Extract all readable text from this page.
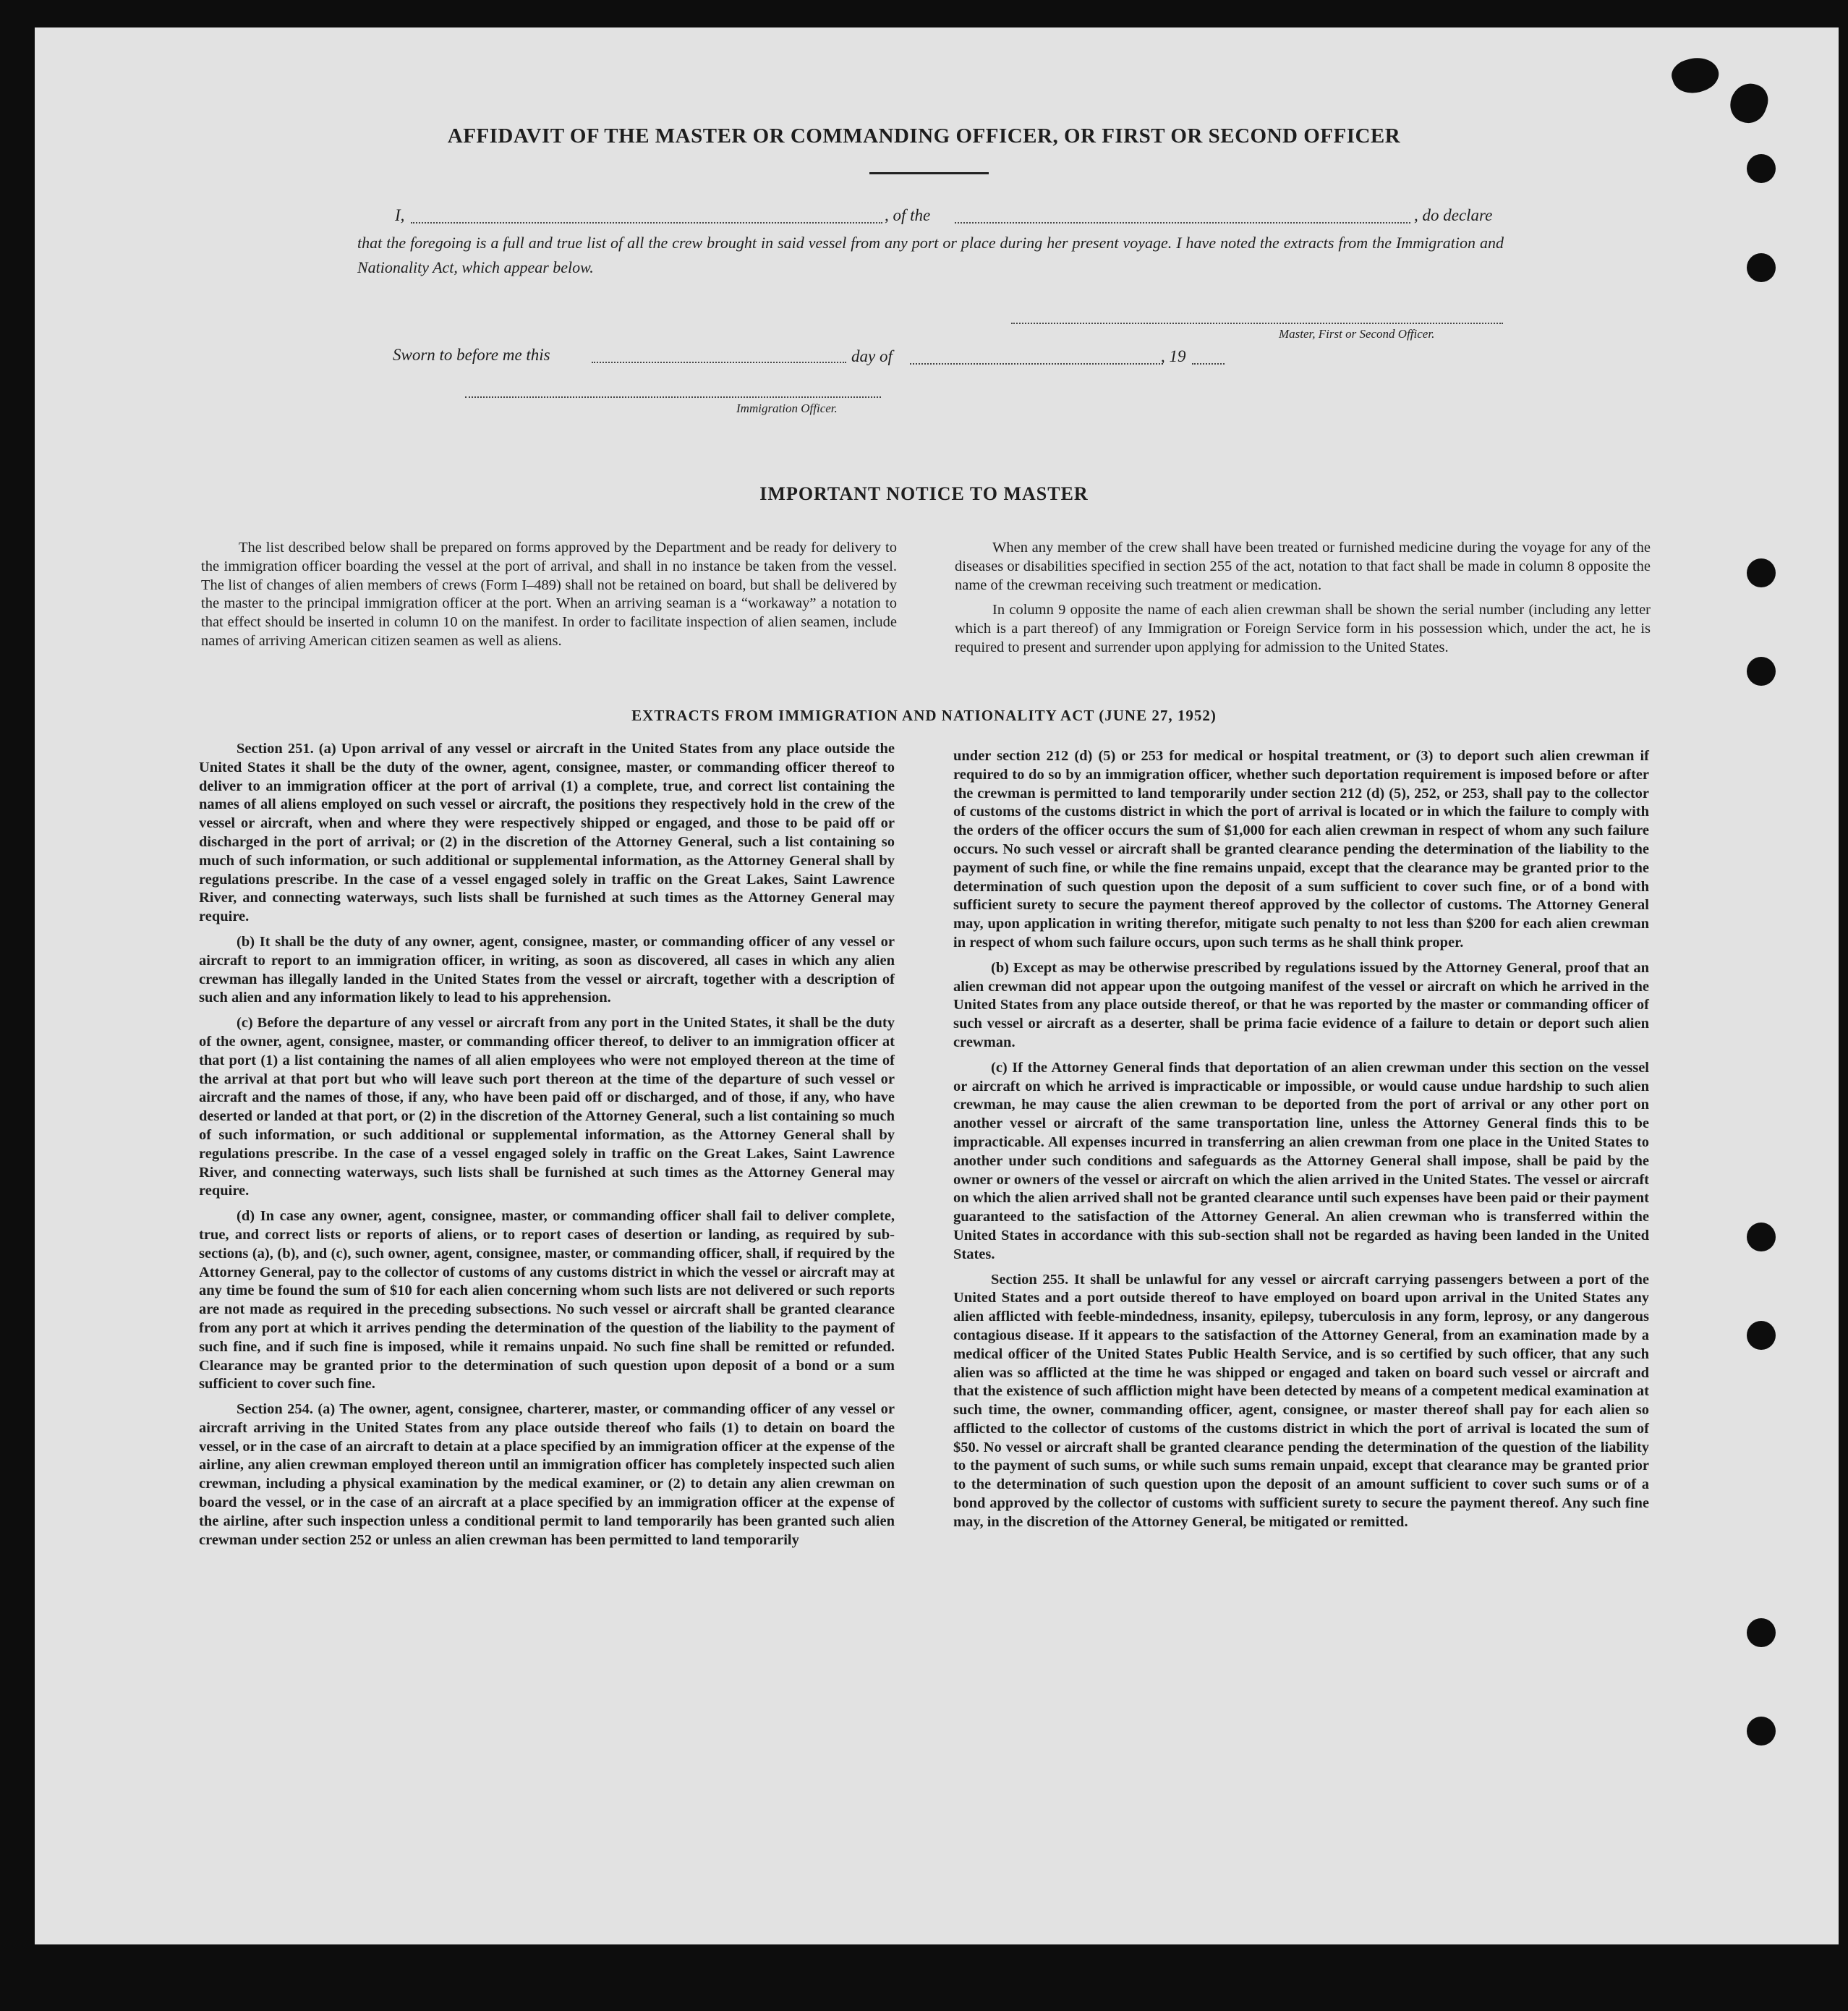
AFFIDAVIT OF THE MASTER OR COMMANDING OFFICER, OR FIRST OR SECOND OFFICER
I,	, of the	, do declare
that the foregoing is a full and true list of all the crew brought in said vessel from any port or place during her present voyage. I have noted the extracts from the Immigration and Nationality Act, which appear below.
Master, First or Second Officer.
Sworn to before me this	day of	, 19
Immigration Officer.
IMPORTANT NOTICE TO MASTER

The list described below shall be prepared on forms approved by the Department and be ready for delivery to the immigration officer boarding the vessel at the port of arrival, and shall in no instance be taken from the vessel. The list of changes of alien members of crews (Form I–489) shall not be retained on board, but shall be delivered by the master to the principal immigration officer at the port. When an arriving seaman is a “workaway” a notation to that effect should be inserted in column 10 on the manifest. In order to facilitate inspection of alien seamen, include names of arriving American citizen seamen as well as aliens.

When any member of the crew shall have been treated or furnished medicine during the voyage for any of the diseases or disabilities specified in section 255 of the act, notation to that fact shall be made in column 8 opposite the name of the crewman receiving such treatment or medication.

In column 9 opposite the name of each alien crewman shall be shown the serial number (including any letter which is a part thereof) of any Immigration or Foreign Service form in his possession which, under the act, he is required to present and surrender upon applying for admission to the United States.

EXTRACTS FROM IMMIGRATION AND NATIONALITY ACT (JUNE 27, 1952)

Section 251. (a) Upon arrival of any vessel or aircraft in the United States from any place outside the United States it shall be the duty of the owner, agent, consignee, master, or commanding officer thereof to deliver to an immigration officer at the port of arrival (1) a complete, true, and correct list containing the names of all aliens employed on such vessel or aircraft, the positions they respectively hold in the crew of the vessel or aircraft, when and where they were respectively shipped or engaged, and those to be paid off or discharged in the port of arrival; or (2) in the discretion of the Attorney General, such a list containing so much of such information, or such additional or supplemental information, as the Attorney General shall by regulations prescribe. In the case of a vessel engaged solely in traffic on the Great Lakes, Saint Lawrence River, and connecting waterways, such lists shall be furnished at such times as the Attorney General may require.

(b) It shall be the duty of any owner, agent, consignee, master, or commanding officer of any vessel or aircraft to report to an immigration officer, in writing, as soon as discovered, all cases in which any alien crewman has illegally landed in the United States from the vessel or aircraft, together with a description of such alien and any information likely to lead to his apprehension.

(c) Before the departure of any vessel or aircraft from any port in the United States, it shall be the duty of the owner, agent, consignee, master, or commanding officer thereof, to deliver to an immigration officer at that port (1) a list containing the names of all alien employees who were not employed thereon at the time of the arrival at that port but who will leave such port thereon at the time of the departure of such vessel or aircraft and the names of those, if any, who have been paid off or discharged, and of those, if any, who have deserted or landed at that port, or (2) in the discretion of the Attorney General, such a list containing so much of such information, or such additional or supplemental information, as the Attorney General shall by regulations prescribe. In the case of a vessel engaged solely in traffic on the Great Lakes, Saint Lawrence River, and connecting waterways, such lists shall be furnished at such times as the Attorney General may require.

(d) In case any owner, agent, consignee, master, or commanding officer shall fail to deliver complete, true, and correct lists or reports of aliens, or to report cases of desertion or landing, as required by sub-sections (a), (b), and (c), such owner, agent, consignee, master, or commanding officer, shall, if required by the Attorney General, pay to the collector of customs of any customs district in which the vessel or aircraft may at any time be found the sum of $10 for each alien concerning whom such lists are not delivered or such reports are not made as required in the preceding subsections. No such vessel or aircraft shall be granted clearance from any port at which it arrives pending the determination of the question of the liability to the payment of such fine, and if such fine is imposed, while it remains unpaid. No such fine shall be remitted or refunded. Clearance may be granted prior to the determination of such question upon deposit of a bond or a sum sufficient to cover such fine.

Section 254. (a) The owner, agent, consignee, charterer, master, or commanding officer of any vessel or aircraft arriving in the United States from any place outside thereof who fails (1) to detain on board the vessel, or in the case of an aircraft to detain at a place specified by an immigration officer at the expense of the airline, any alien crewman employed thereon until an immigration officer has completely inspected such alien crewman, including a physical examination by the medical examiner, or (2) to detain any alien crewman on board the vessel, or in the case of an aircraft at a place specified by an immigration officer at the expense of the airline, after such inspection unless a conditional permit to land temporarily has been granted such alien crewman under section 252 or unless an alien crewman has been permitted to land temporarily

under section 212 (d) (5) or 253 for medical or hospital treatment, or (3) to deport such alien crewman if required to do so by an immigration officer, whether such deportation requirement is imposed before or after the crewman is permitted to land temporarily under section 212 (d) (5), 252, or 253, shall pay to the collector of customs of the customs district in which the port of arrival is located or in which the failure to comply with the orders of the officer occurs the sum of $1,000 for each alien crewman in respect of whom any such failure occurs. No such vessel or aircraft shall be granted clearance pending the determination of the liability to the payment of such fine, or while the fine remains unpaid, except that the clearance may be granted prior to the determination of such question upon the deposit of a sum sufficient to cover such fine, or of a bond with sufficient surety to secure the payment thereof approved by the collector of customs. The Attorney General may, upon application in writing therefor, mitigate such penalty to not less than $200 for each alien crewman in respect of whom such failure occurs, upon such terms as he shall think proper.

(b) Except as may be otherwise prescribed by regulations issued by the Attorney General, proof that an alien crewman did not appear upon the outgoing manifest of the vessel or aircraft on which he arrived in the United States from any place outside thereof, or that he was reported by the master or commanding officer of such vessel or aircraft as a deserter, shall be prima facie evidence of a failure to detain or deport such alien crewman.

(c) If the Attorney General finds that deportation of an alien crewman under this section on the vessel or aircraft on which he arrived is impracticable or impossible, or would cause undue hardship to such alien crewman, he may cause the alien crewman to be deported from the port of arrival or any other port on another vessel or aircraft of the same transportation line, unless the Attorney General finds this to be impracticable. All expenses incurred in transferring an alien crewman from one place in the United States to another under such conditions and safeguards as the Attorney General shall impose, shall be paid by the owner or owners of the vessel or aircraft on which the alien arrived in the United States. The vessel or aircraft on which the alien arrived shall not be granted clearance until such expenses have been paid or their payment guaranteed to the satisfaction of the Attorney General. An alien crewman who is transferred within the United States in accordance with this sub-section shall not be regarded as having been landed in the United States.

Section 255. It shall be unlawful for any vessel or aircraft carrying passengers between a port of the United States and a port outside thereof to have employed on board upon arrival in the United States any alien afflicted with feeble-mindedness, insanity, epilepsy, tuberculosis in any form, leprosy, or any dangerous contagious disease. If it appears to the satisfaction of the Attorney General, from an examination made by a medical officer of the United States Public Health Service, and is so certified by such officer, that any such alien was so afflicted at the time he was shipped or engaged and taken on board such vessel or aircraft and that the existence of such affliction might have been detected by means of a competent medical examination at such time, the owner, commanding officer, agent, consignee, or master thereof shall pay for each alien so afflicted to the collector of customs of the customs district in which the port of arrival is located the sum of $50. No vessel or aircraft shall be granted clearance pending the determination of the question of the liability to the payment of such sums, or while such sums remain unpaid, except that clearance may be granted prior to the determination of such question upon the deposit of an amount sufficient to cover such sums or of a bond approved by the collector of customs with sufficient surety to secure the payment thereof. Any such fine may, in the discretion of the Attorney General, be mitigated or remitted.
